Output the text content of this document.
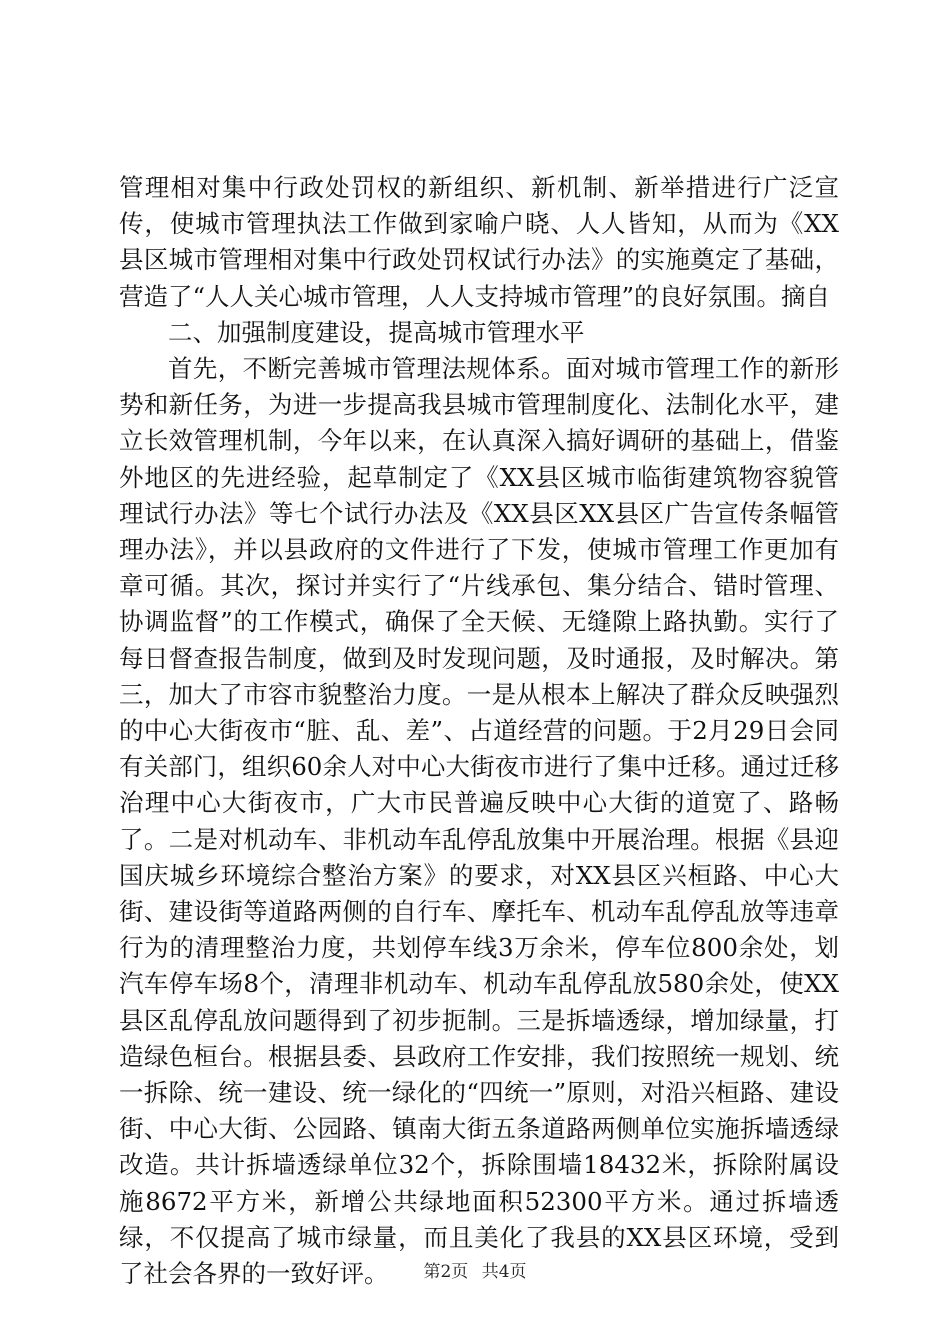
管理相对集中行政处罚权的新组织、新机制、新举措进行广泛宣传，使城市管理执法工作做到家喻户晓、人人皆知，从而为《XX县区城市管理相对集中行政处罚权试行办法》的实施奠定了基础，营造了“人人关心城市管理，人人支持城市管理”的良好氛围。摘自

二、加强制度建设，提高城市管理水平

首先，不断完善城市管理法规体系。面对城市管理工作的新形势和新任务，为进一步提高我县城市管理制度化、法制化水平，建立长效管理机制，今年以来，在认真深入搞好调研的基础上，借鉴外地区的先进经验，起草制定了《XX县区城市临街建筑物容貌管理试行办法》等七个试行办法及《XX县区XX县区广告宣传条幅管理办法》，并以县政府的文件进行了下发，使城市管理工作更加有章可循。其次，探讨并实行了“片线承包、集分结合、错时管理、协调监督”的工作模式，确保了全天候、无缝隙上路执勤。实行了每日督查报告制度，做到及时发现问题，及时通报，及时解决。第三，加大了市容市貌整治力度。一是从根本上解决了群众反映强烈的中心大街夜市“脏、乱、差”、占道经营的问题。于2月29日会同有关部门，组织60余人对中心大街夜市进行了集中迁移。通过迁移治理中心大街夜市，广大市民普遍反映中心大街的道宽了、路畅了。二是对机动车、非机动车乱停乱放集中开展治理。根据《县迎国庆城乡环境综合整治方案》的要求，对XX县区兴桓路、中心大街、建设街等道路两侧的自行车、摩托车、机动车乱停乱放等违章行为的清理整治力度，共划停车线3万余米，停车位800余处，划汽车停车场8个，清理非机动车、机动车乱停乱放580余处，使XX县区乱停乱放问题得到了初步扼制。三是拆墙透绿，增加绿量，打造绿色桓台。根据县委、县政府工作安排，我们按照统一规划、统一拆除、统一建设、统一绿化的“四统一”原则，对沿兴桓路、建设街、中心大街、公园路、镇南大街五条道路两侧单位实施拆墙透绿改造。共计拆墙透绿单位32个，拆除围墙18432米，拆除附属设施8672平方米，新增公共绿地面积52300平方米。通过拆墙透绿，不仅提高了城市绿量，而且美化了我县的XX县区环境，受到了社会各界的一致好评。	第2页 共4页
